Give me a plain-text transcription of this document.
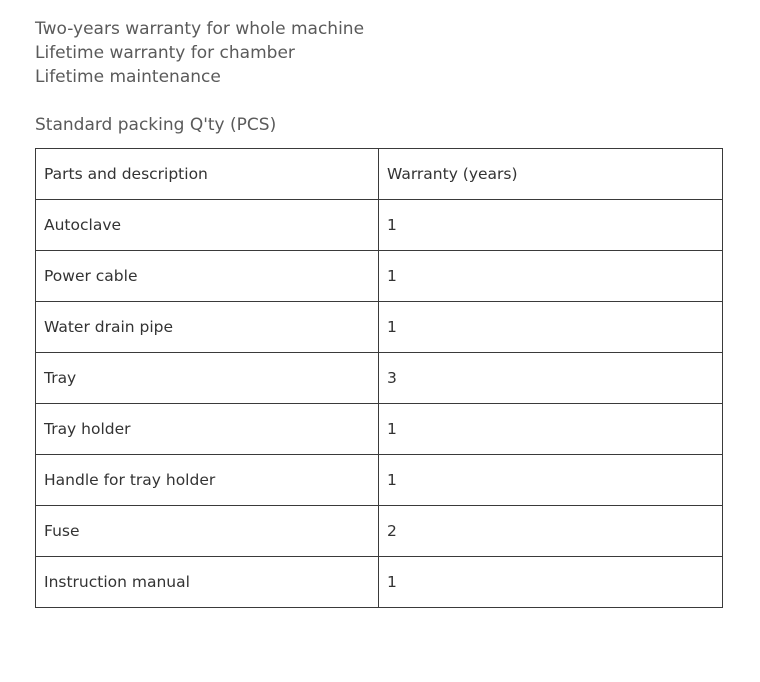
Two-years warranty for whole machine
Lifetime warranty for chamber
Lifetime maintenance
Standard packing Q'ty (PCS)
Parts and description	Warranty (years)
Autoclave	1
Power cable	1
Water drain pipe	1
Tray	3
Tray holder	1
Handle for tray holder	1
Fuse	2
Instruction manual	1
